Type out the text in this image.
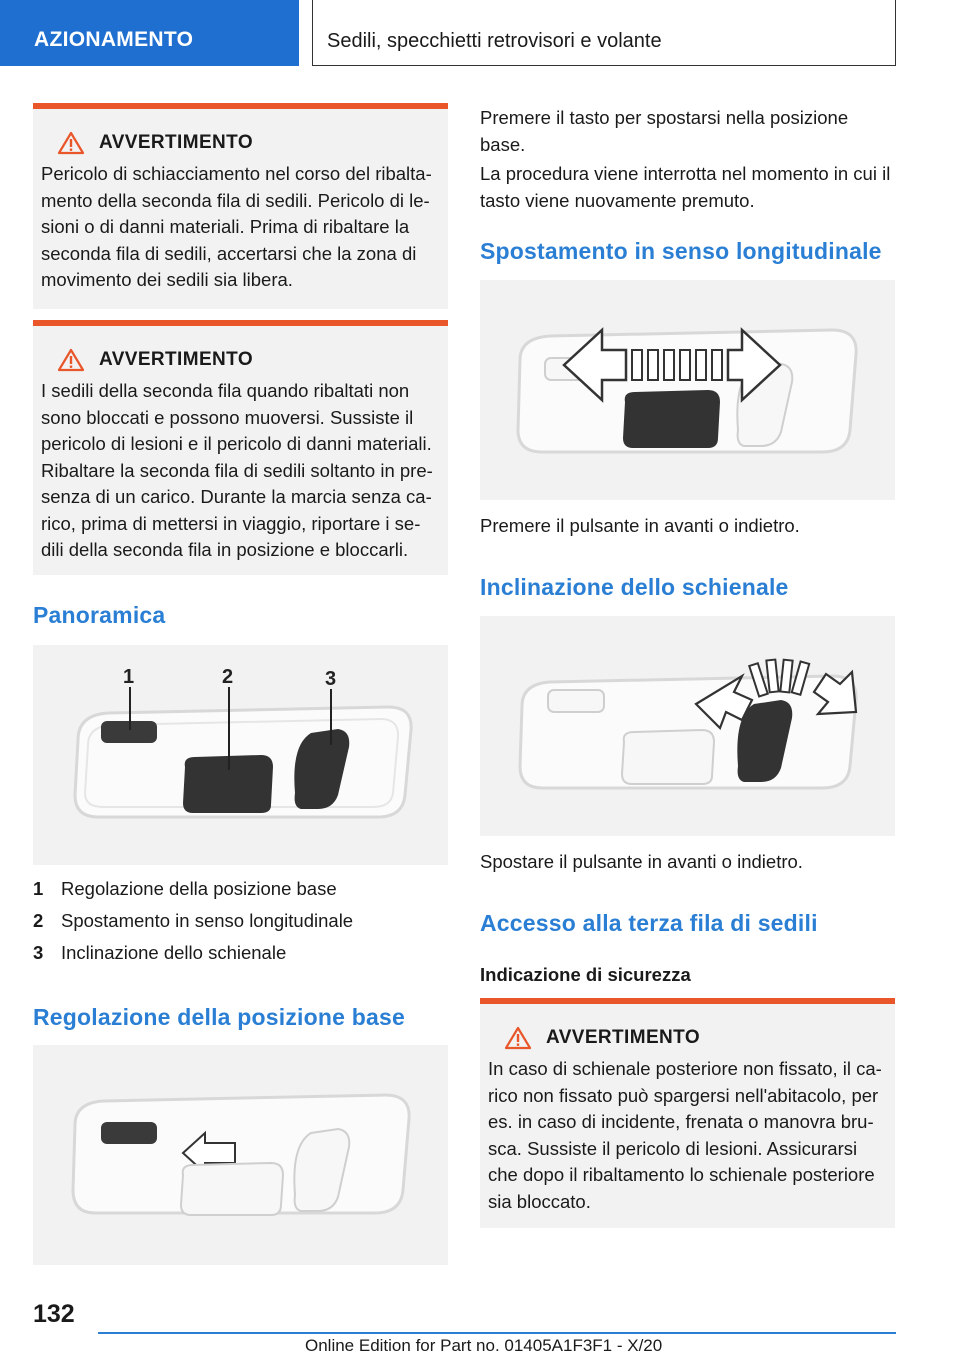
AZIONAMENTO	Sedili, specchietti retrovisori e volante
AVVERTIMENTO

Pericolo di schiacciamento nel corso del ribalta-mento della seconda fila di sedili. Pericolo di le-sioni o di danni materiali. Prima di ribaltare la seconda fila di sedili, accertarsi che la zona di movimento dei sedili sia libera.

AVVERTIMENTO

I sedili della seconda fila quando ribaltati non sono bloccati e possono muoversi. Sussiste il pericolo di lesioni e il pericolo di danni materiali. Ribaltare la seconda fila di sedili soltanto in pre-senza di un carico. Durante la marcia senza ca-rico, prima di mettersi in viaggio, riportare i se-dili della seconda fila in posizione e bloccarli.

Panoramica
1	2	3
1 Regolazione della posizione base
2 Spostamento in senso longitudinale
3 Inclinazione dello schienale
Regolazione della posizione base

Premere il tasto per spostarsi nella posizione base.

La procedura viene interrotta nel momento in cui il tasto viene nuovamente premuto.

Spostamento in senso longitudinale

Premere il pulsante in avanti o indietro.

Inclinazione dello schienale

Spostare il pulsante in avanti o indietro.

Accesso alla terza fila di sedili
Indicazione di sicurezza
AVVERTIMENTO

In caso di schienale posteriore non fissato, il ca-rico non fissato può spargersi nell'abitacolo, per es. in caso di incidente, frenata o manovra bru-sca. Sussiste il pericolo di lesioni. Assicurarsi che dopo il ribaltamento lo schienale posteriore sia bloccato.

132
Online Edition for Part no. 01405A1F3F1 - X/20
